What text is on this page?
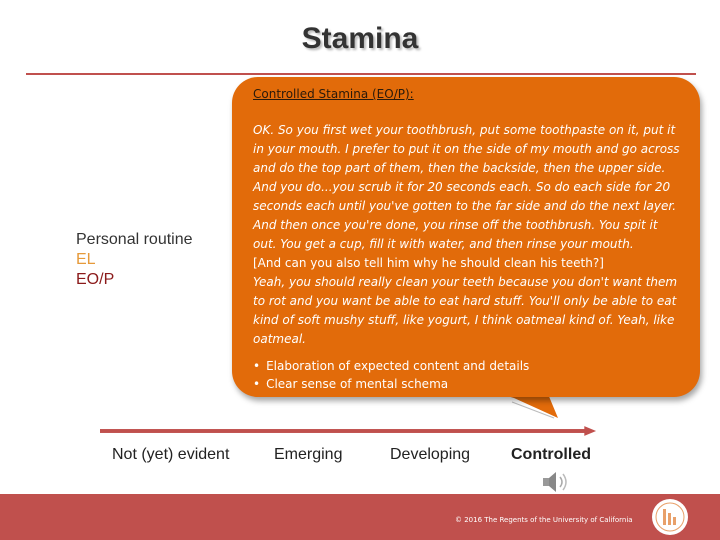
Stamina
Personal routine
EL
EO/P
Controlled Stamina (EO/P):

OK. So you first wet your toothbrush, put some toothpaste on it, put it in your mouth. I prefer to put it on the side of my mouth and go across and do the top part of them, then the backside, then the upper side. And you do...you scrub it for 20 seconds each. So do each side for 20 seconds each until you've gotten to the far side and do the next layer. And then once you're done, you rinse off the toothbrush. You spit it out. You get a cup, fill it with water, and then rinse your mouth.

[And can you also tell him why he should clean his teeth?]

Yeah, you should really clean your teeth because you don't want them to rot and you want be able to eat hard stuff. You'll only be able to eat kind of soft mushy stuff, like yogurt, I think oatmeal kind of. Yeah, like oatmeal.

• Elaboration of expected content and details
• Clear sense of mental schema
Not (yet) evident	Emerging	Developing	Controlled
© 2016 The Regents of the University of California
